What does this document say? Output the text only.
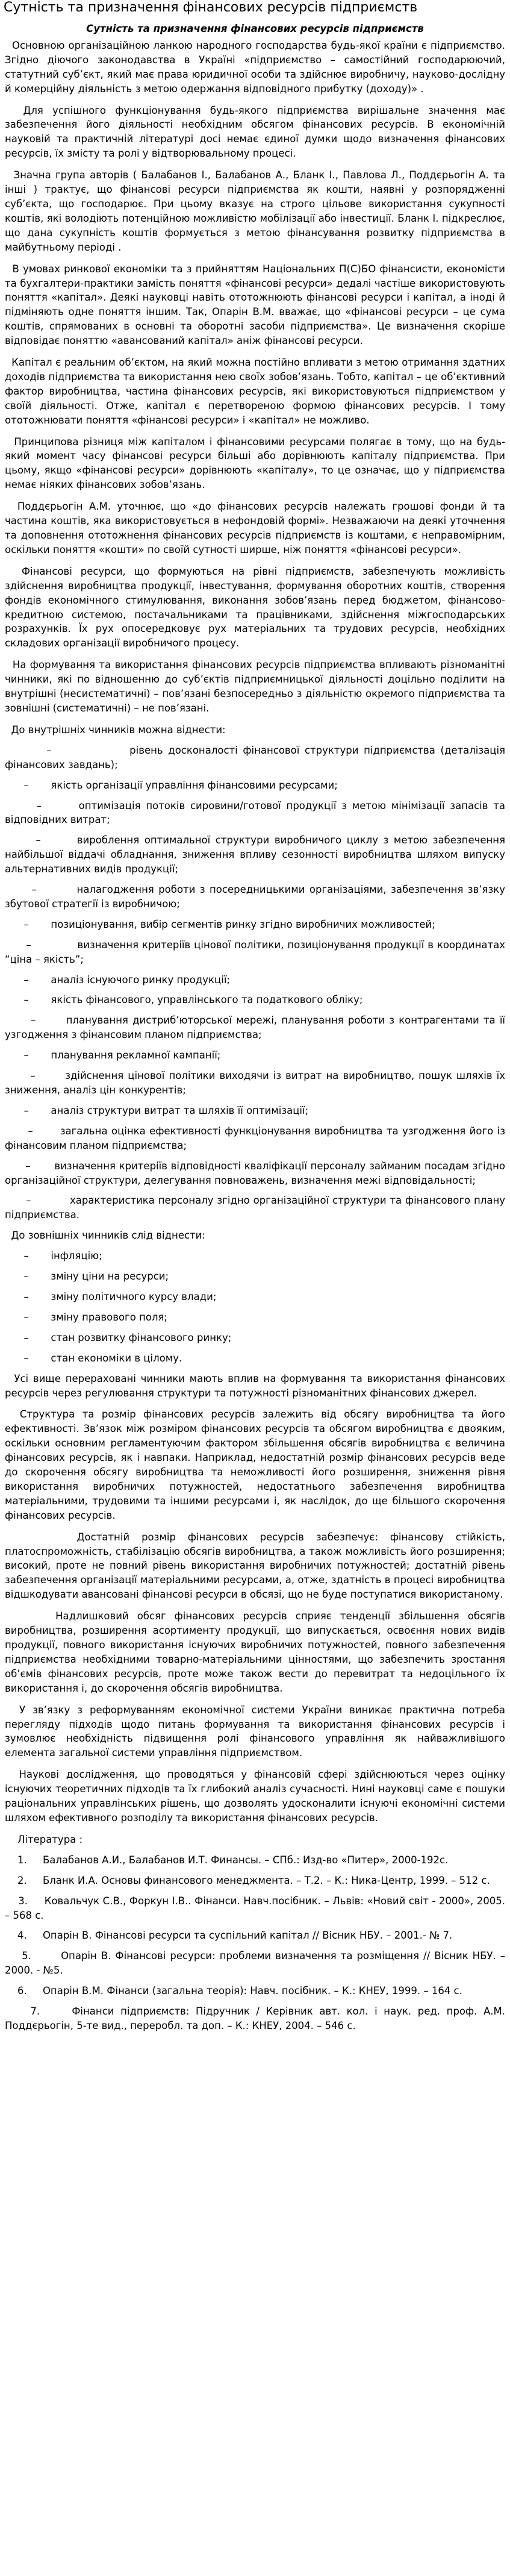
Сутність та призначення фінансових ресурсів підприємств

Сутність та призначення фінансових ресурсів підприємств

Основною організаційною ланкою народного господарства будь-якої країни є підприємство. Згідно діючого законодавства в Україні «підприємство – самостійний господарюючий, статутний суб’єкт, який має права юридичної особи та здійснює виробничу, науково-дослідну й комерційну діяльність з метою одержання відповідного прибутку (доходу)» .

Для успішного функціонування будь-якого підприємства вирішальне значення має забезпечення його діяльності необхідним обсягом фінансових ресурсів. В економічній науковій та практичній літературі досі немає єдиної думки щодо визначення фінансових ресурсів, їх змісту та ролі у відтворювальному процесі.

Значна група авторів ( Балабанов І., Балабанов А., Бланк І., Павлова Л., Поддєрьогін А. та інші ) трактує, що фінансові ресурси підприємства як кошти, наявні у розпорядженні суб’єкта, що господарює. При цьому вказує на строго цільове використання сукупності коштів, які володіють потенційною можливістю мобілізації або інвестиції. Бланк І. підкреслює, що дана сукупність коштів формується з метою фінансування розвитку підприємства в майбутньому періоді .

В умовах ринкової економіки та з прийняттям Національних П(С)БО фінансисти, економісти та бухгалтери-практики замість поняття «фінансові ресурси» дедалі частіше використовують поняття «капітал». Деякі науковці навіть ототожнюють фінансові ресурси і капітал, а іноді й підміняють одне поняття іншим. Так, Опарін В.М. вважає, що «фінансові ресурси – це сума коштів, спрямованих в основні та оборотні засоби підприємства». Це визначення скоріше відповідає поняттю «авансований капітал» аніж фінансові ресурси.

Капітал є реальним об’єктом, на який можна постійно впливати з метою отримання здатних доходів підприємства та використання нею своїх зобов’язань. Тобто, капітал – це об’єктивний фактор виробництва, частина фінансових ресурсів, які використовуються підприємством у своїй діяльності. Отже, капітал є перетвореною формою фінансових ресурсів. І тому ототожнювати поняття «фінансові ресурси» і «капітал» не можливо.

Принципова різниця між капіталом і фінансовими ресурсами полягає в тому, що на будь-який момент часу фінансові ресурси більші або дорівнюють капіталу підприємства. При цьому, якщо «фінансові ресурси» дорівнюють «капіталу», то це означає, що у підприємства немає ніяких фінансових зобов’язань.

Поддєрьогін А.М. уточнює, що «до фінансових ресурсів належать грошові фонди й та частина коштів, яка використовується в нефондовій формі». Незважаючи на деякі уточнення та доповнення ототожнення фінансових ресурсів підприємств із коштами, є неправомірним, оскільки поняття «кошти» по своїй сутності ширше, ніж поняття «фінансові ресурси».

Фінансові ресурси, що формуються на рівні підприємств, забезпечують можливість здійснення виробництва продукції, інвестування, формування оборотних коштів, створення фондів економічного стимулювання, виконання зобов’язань перед бюджетом, фінансово-кредитною системою, постачальниками та працівниками, здійснення міжгосподарських розрахунків. Їх рух опосередковує рух матеріальних та трудових ресурсів, необхідних складових організації виробничого процесу.

На формування та використання фінансових ресурсів підприємства впливають різноманітні чинники, які по відношенню до суб’єктів підприємницької діяльності доцільно поділити на внутрішні (несистематичні) – пов’язані безпосередньо з діяльністю окремого підприємства та зовнішні (систематичні) – не пов’язані.

До внутрішніх чинників можна віднести:

–               рівень досконалості фінансової структури підприємства (деталізація фінансових завдань);

–       якість організації управління фінансовими ресурсами;

–       оптимізація потоків сировини/готової продукції з метою мінімізації запасів та відповідних витрат;

–       вироблення оптимальної структури виробничого циклу з метою забезпечення найбільшої віддачі обладнання, зниження впливу сезонності виробництва шляхом випуску альтернативних видів продукції;

–         налагодження роботи з посередницькими організаціями, забезпечення зв’язку збутової стратегії із виробничою;

–       позиціонування, вибір сегментів ринку згідно виробничих можливостей;

–             визначення критеріїв цінової політики, позиціонування продукції в координатах “ціна – якість”;

–       аналіз існуючого ринку продукції;

–       якість фінансового, управлінського та податкового обліку;

–       планування дистриб’юторської мережі, планування роботи з контрагентами та її узгодження з фінансовим планом підприємства;

–       планування рекламної кампанії;

–       здійснення цінової політики виходячи із витрат на виробництво, пошук шляхів їх зниження, аналіз цін конкурентів;

–       аналіз структури витрат та шляхів її оптимізації;

–       загальна оцінка ефективності функціонування виробництва та узгодження його із фінансовим планом підприємства;

–       визначення критеріїв відповідності кваліфікації персоналу займаним посадам згідно організаційної структури, делегування повноважень, визначення межі відповідальності;

–           характеристика персоналу згідно організаційної структури та фінансового плану підприємства.

До зовнішніх чинників слід віднести:

–       інфляцію;

–       зміну ціни на ресурси;

–       зміну політичного курсу влади;

–       зміну правового поля;

–       стан розвитку фінансового ринку;

–       стан економіки в цілому.

Усі вище перераховані чинники мають вплив на формування та використання фінансових ресурсів через регулювання структури та потужності різноманітних фінансових джерел.

Структура та розмір фінансових ресурсів залежить від обсягу виробництва та його ефективності. Зв’язок між розміром фінансових ресурсів та обсягом виробництва є двояким, оскільки основним регламентуючим фактором збільшення обсягів виробництва є величина фінансових ресурсів, як і навпаки. Наприклад, недостатній розмір фінансових ресурсів веде до скорочення обсягу виробництва та неможливості його розширення, зниження рівня використання виробничих потужностей, недостатнього забезпечення виробництва матеріальними, трудовими та іншими ресурсами і, як наслідок, до ще більшого скорочення фінансових ресурсів.

Достатній розмір фінансових ресурсів забезпечує: фінансову стійкість, платоспроможність, стабілізацію обсягів виробництва, а також можливість його розширення; високий, протe не повний рівень використання виробничих потужностей; достатній рівень забезпечення організації матеріальними ресурсами, а, отже, здатність в процесі виробництва відшкодувати авансовані фінансові ресурси в обсязі, що не буде поступатися використаному.

Надлишковий обсяг фінансових ресурсів сприяє тенденції збільшення обсягів виробництва, розширення асортименту продукції, що випускається, освоєння нових видів продукції, повного використання існуючих виробничих потужностей, повного забезпечення підприємства необхідними товарно-матеріальними цінностями, що забезпечить зростання об’ємів фінансових ресурсів, проте може також вести до перевитрат та недоцільного їх використання і, до скорочення обсягів виробництва.

У зв’язку з реформуванням економічної системи України виникає практична потреба перегляду підходів щодо питань формування та використання фінансових ресурсів і зумовлює необхідність підвищення ролі фінансового управління як найважливішого елемента загальної системи управління підприємством.

Наукові дослідження, що проводяться у фінансовій сфері здійснюються через оцінку існуючих теоретичних підходів та їх глибокий аналіз сучасності. Нині науковці саме є пошуки раціональних управлінських рішень, що дозволять удосконалити існуючі економічні системи шляхом ефективного розподілу та використання фінансових ресурсів.

Література :

1.     Балабанов А.И., Балабанов И.Т. Финансы. – СПб.: Изд-во «Питер», 2000-192с.

2.     Бланк И.А. Основы финансового менеджмента. – Т.2. – К.: Ника-Центр, 1999. – 512 с.

3.     Ковальчук С.В., Форкун І.В.. Фінанси. Навч.посібник. – Львів: «Новий світ - 2000», 2005. – 568 с.

4.     Опарін В. Фінансові ресурси та суспільний капітал // Вісник НБУ. – 2001.- № 7.

5.       Опарін В. Фінансові ресурси: проблеми визначення та розміщення // Вісник НБУ. – 2000. - №5.

6.     Опарін В.М. Фінанси (загальна теорія): Навч. посібник. – К.: КНЕУ, 1999. – 164 с.

7.     Фінанси підприємств: Підручник / Керівник авт. кол. і наук. ред. проф. А.М. Поддєрьогін, 5-те вид., переробл. та доп. – К.: КНЕУ, 2004. – 546 с.
